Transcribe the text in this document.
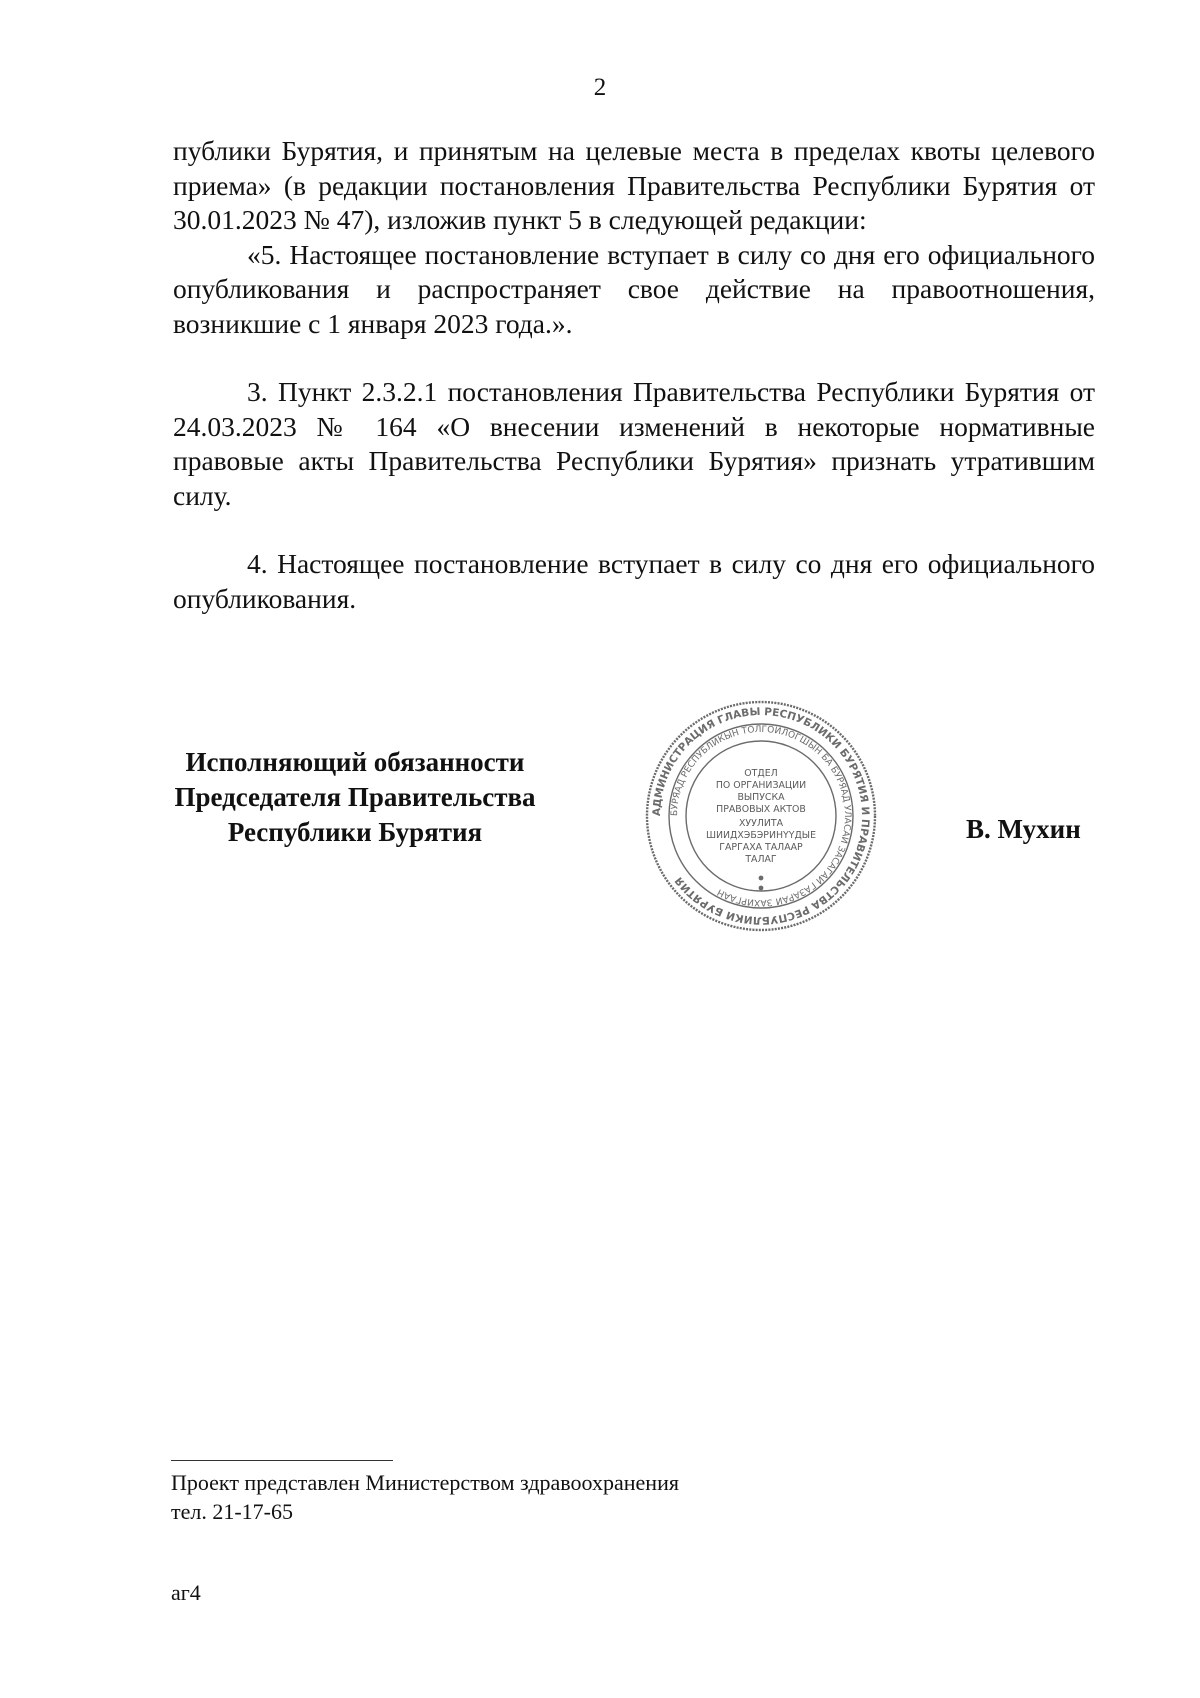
2

публики Бурятия, и принятым на целевые места в пределах квоты целевого приема» (в редакции постановления Правительства Республики Бурятия от 30.01.2023 № 47), изложив пункт 5 в следующей редакции:

«5. Настоящее постановление вступает в силу со дня его официального опубликования и распространяет свое действие на правоотношения, возникшие с 1 января 2023 года.».

3. Пункт 2.3.2.1 постановления Правительства Республики Бурятия от 24.03.2023 № 164 «О внесении изменений в некоторые нормативные правовые акты Правительства Республики Бурятия» признать утратившим силу.

4. Настоящее постановление вступает в силу со дня его официального опубликования.

Исполняющий обязанности
Председателя Правительства
Республики Бурятия
АДМИНИСТРАЦИЯ ГЛАВЫ РЕСПУБЛИКИ БУРЯТИЯ И ПРАВИТЕЛЬСТВА РЕСПУБЛИКИ БУРЯТИЯ
БУРЯАД РЕСПУБЛИКЫН ТОЛГОЙЛОГШЫН БА БУРЯАД УЛАСАЙ ЗАСАГАЙ ГАЗАРАЙ ЗАХИРГААН
ОТДЕЛ
ПО ОРГАНИЗАЦИИ
ВЫПУСКА
ПРАВОВЫХ АКТОВ
ХУУЛИТА
ШИИДХЭБЭРИНҮҮДЫЕ
ГАРГАХА ТАЛААР
ТАЛАГ
В. Мухин
Проект представлен Министерством здравоохранения
тел. 21-17-65
аг4
